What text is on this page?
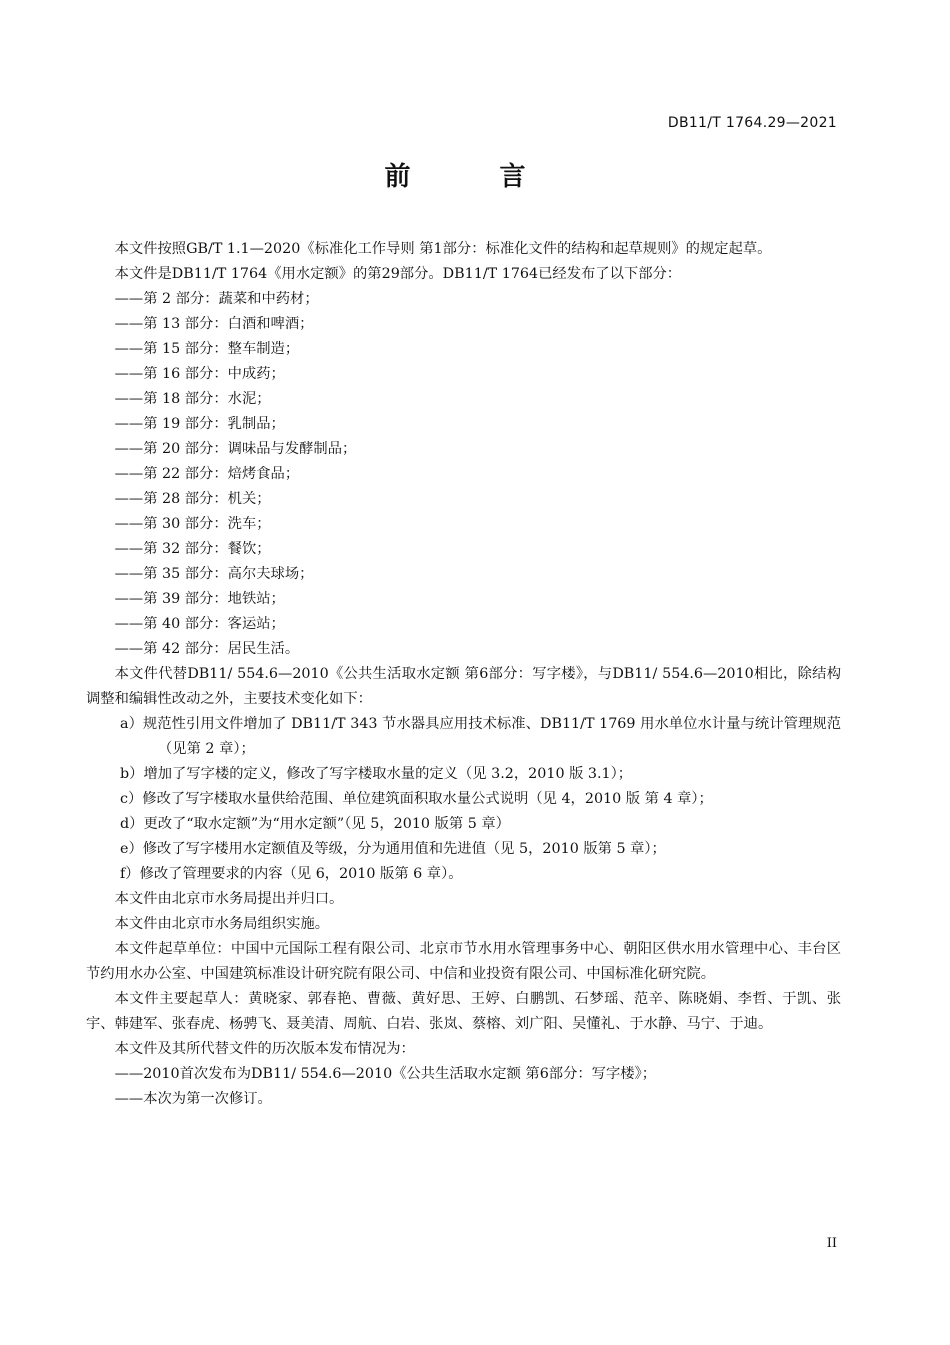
DB11/T 1764.29—2021
前 言

本文件按照GB/T 1.1—2020《标准化工作导则 第1部分：标准化文件的结构和起草规则》的规定起草。

本文件是DB11/T 1764《用水定额》的第29部分。DB11/T 1764已经发布了以下部分：

——第 2 部分：蔬菜和中药材；

——第 13 部分：白酒和啤酒；

——第 15 部分：整车制造；

——第 16 部分：中成药；

——第 18 部分：水泥；

——第 19 部分：乳制品；

——第 20 部分：调味品与发酵制品；

——第 22 部分：焙烤食品；

——第 28 部分：机关；

——第 30 部分：洗车；

——第 32 部分：餐饮；

——第 35 部分：高尔夫球场；

——第 39 部分：地铁站；

——第 40 部分：客运站；

——第 42 部分：居民生活。

本文件代替DB11/ 554.6—2010《公共生活取水定额 第6部分：写字楼》，与DB11/ 554.6—2010相比，除结构调整和编辑性改动之外，主要技术变化如下：

a）规范性引用文件增加了 DB11/T 343 节水器具应用技术标准、DB11/T 1769 用水单位水计量与统计管理规范（见第 2 章）；

b）增加了写字楼的定义，修改了写字楼取水量的定义（见 3.2，2010 版 3.1）；

c）修改了写字楼取水量供给范围、单位建筑面积取水量公式说明（见 4，2010 版 第 4 章）；

d）更改了“取水定额”为“用水定额”（见 5，2010 版第 5 章）

e）修改了写字楼用水定额值及等级，分为通用值和先进值（见 5，2010 版第 5 章）；

f）修改了管理要求的内容（见 6，2010 版第 6 章）。

本文件由北京市水务局提出并归口。

本文件由北京市水务局组织实施。

本文件起草单位：中国中元国际工程有限公司、北京市节水用水管理事务中心、朝阳区供水用水管理中心、丰台区节约用水办公室、中国建筑标准设计研究院有限公司、中信和业投资有限公司、中国标准化研究院。

本文件主要起草人：黄晓家、郭春艳、曹薇、黄好思、王婷、白鹏凯、石梦瑶、范辛、陈晓娟、李哲、于凯、张宇、韩建军、张春虎、杨骋飞、聂美清、周航、白岩、张岚、蔡榕、刘广阳、吴懂礼、于水静、马宁、于迪。

本文件及其所代替文件的历次版本发布情况为：

——2010首次发布为DB11/ 554.6—2010《公共生活取水定额 第6部分：写字楼》；

——本次为第一次修订。

II
